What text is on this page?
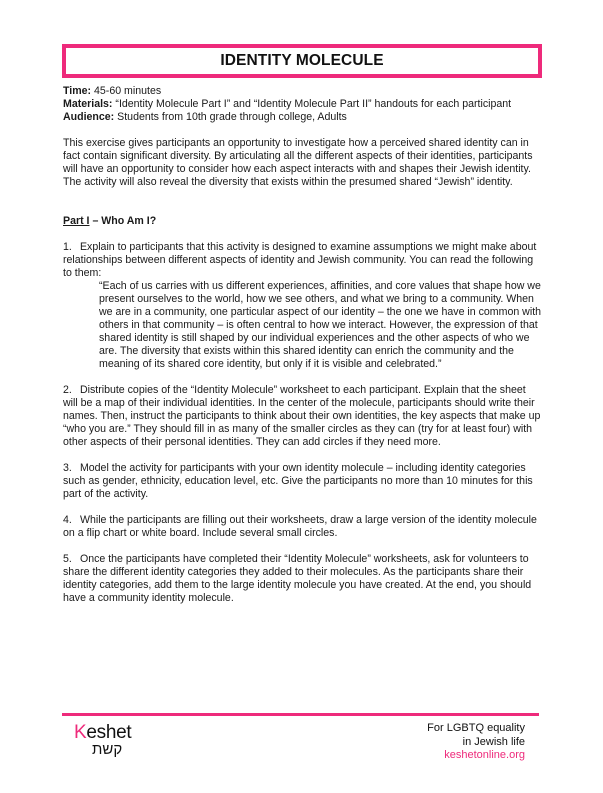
IDENTITY MOLECULE

Time: 45-60 minutes

Materials: “Identity Molecule Part I” and “Identity Molecule Part II” handouts for each participant

Audience: Students from 10th grade through college, Adults

This exercise gives participants an opportunity to investigate how a perceived shared identity can in fact contain significant diversity. By articulating all the different aspects of their identities, participants will have an opportunity to consider how each aspect interacts with and shapes their Jewish identity. The activity will also reveal the diversity that exists within the presumed shared “Jewish” identity.

Part I – Who Am I?

1. Explain to participants that this activity is designed to examine assumptions we might make about relationships between different aspects of identity and Jewish community. You can read the following to them:

“Each of us carries with us different experiences, affinities, and core values that shape how we present ourselves to the world, how we see others, and what we bring to a community. When we are in a community, one particular aspect of our identity – the one we have in common with others in that community – is often central to how we interact. However, the expression of that shared identity is still shaped by our individual experiences and the other aspects of who we are. The diversity that exists within this shared identity can enrich the community and the meaning of its shared core identity, but only if it is visible and celebrated.”

2. Distribute copies of the “Identity Molecule” worksheet to each participant. Explain that the sheet will be a map of their individual identities. In the center of the molecule, participants should write their names. Then, instruct the participants to think about their own identities, the key aspects that make up “who you are.” They should fill in as many of the smaller circles as they can (try for at least four) with other aspects of their personal identities. They can add circles if they need more.

3. Model the activity for participants with your own identity molecule – including identity categories such as gender, ethnicity, education level, etc. Give the participants no more than 10 minutes for this part of the activity.

4. While the participants are filling out their worksheets, draw a large version of the identity molecule on a flip chart or white board. Include several small circles.

5. Once the participants have completed their “Identity Molecule” worksheets, ask for volunteers to share the different identity categories they added to their molecules. As the participants share their identity categories, add them to the large identity molecule you have created. At the end, you should have a community identity molecule.

Keshet
קשת
For LGBTQ equality
in Jewish life
keshetonline.org
